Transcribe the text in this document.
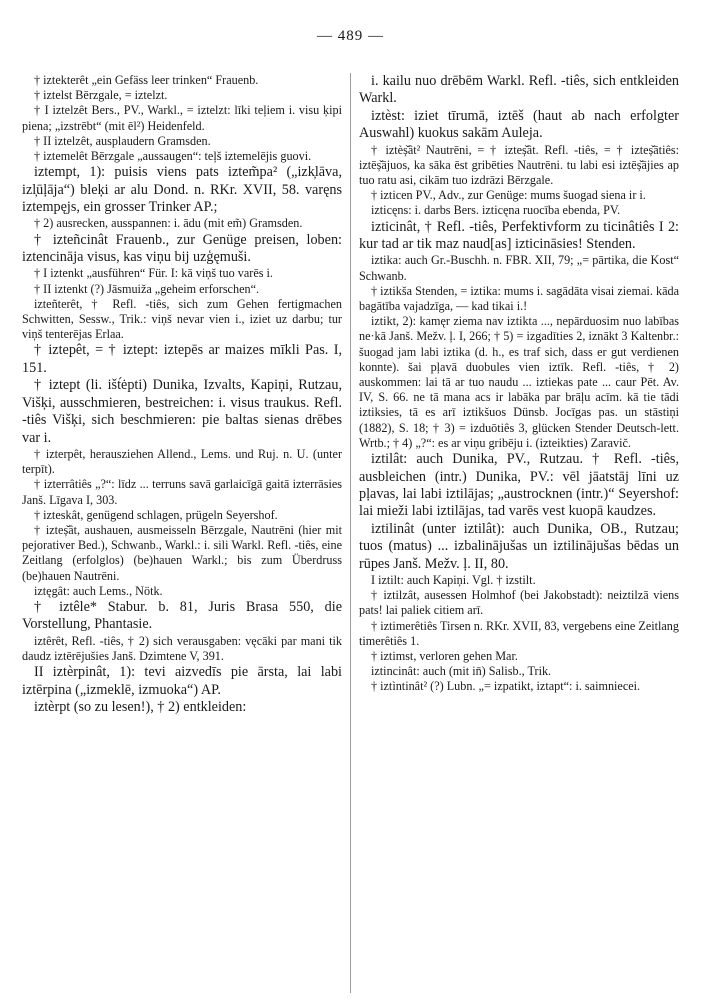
— 489 —

† iztekterêt „ein Gefäss leer trinken“ Frauenb.

† iztelst Bērzgale, = iztelzt.

† I iztelzêt Bers., PV., Warkl., = iztelzt: līki teļiem i. visu ķipi piena; „izstrēbt“ (mit ēl²) Heidenfeld.

† II iztelzêt, ausplaudern Gramsden.

† iztemelêt Bērzgale „aussaugen“: teļš iztemelējis guovi.

iztempt, 1): puisis viens pats iztem̃pa² („izk̦lāva, izl̦ūļāja“) bleķi ar alu Dond. n. RKr. XVII, 58. varęns iztempęjs, ein grosser Trinker AP.;

† 2) ausrecken, ausspannen: i. ādu (mit em̃) Gramsden.

† izteñcinât Frauenb., zur Genüge preisen, loben: iztencināja visus, kas viņu bij uzģęmuši.

† I iztenkt „ausführen“ Für. I: kā viņš tuo varēs i.

† II iztenkt (?) Jāsmuiža „geheim erforschen“.

izteñterêt, † Refl. -tiês, sich zum Gehen fertigmachen Schwitten, Sessw., Trik.: viņš nevar vien i., iziet uz darbu; tur viņš tenterējas Erlaa.

† iztepêt, = † iztept: iztepēs ar maizes mīkli Pas. I, 151.

† iztept (li. išt́ėpti) Dunika, Izvalts, Kapiņi, Rutzau, Višķi, ausschmieren, bestreichen: i. visus traukus. Refl. -tiês Višķi, sich beschmieren: pie baltas sienas drēbes var i.

† izterpêt, herausziehen Allend., Lems. und Ruj. n. U. (unter terpīt).

† izterrâtiês „?“: līdz ... terruns savā garlaicīgā gaitā izterrāsies Janš. Līgava I, 303.

† izteskât, genügend schlagen, prügeln Seyershof.

† izteș̌ât, aushauen, ausmeisseln Bērzgale, Nautrēni (hier mit pejorativer Bed.), Schwanb., Warkl.: i. sili Warkl. Refl. -tiês, eine Zeitlang (erfolglos) (be)hauen Warkl.; bis zum Überdruss (be)hauen Nautrēni.

iztęgât: auch Lems., Nötk.

† iztêle* Stabur. b. 81, Juris Brasa 550, die Vorstellung, Phantasie.

iztêrêt, Refl. -tiês, † 2) sich verausgaben: vęcāki par mani tik daudz iztērējušies Janš. Dzimtene V, 391.

II iztèrpinât, 1): tevi aizvedīs pie ārsta, lai labi iztērpina („izmeklē, izmuoka“) AP.

iztèrpt (so zu lesen!), † 2) entkleiden:

i. kailu nuo drēbēm Warkl. Refl. -tiês, sich entkleiden Warkl.

iztèst: iziet tīrumā, iztēš (haut ab nach erfolgter Auswahl) kuokus sakām Auleja.

† iztèș̌ât² Nautrēni, = † izteș̌ât. Refl. -tiês, = † izteș̌ātiês: iztēș̌ājuos, ka sāka ēst gribēties Nautrēni. tu labi esi iztēș̌ājies ap tuo ratu asi, cikām tuo izdrāzi Bērzgale.

† izticen PV., Adv., zur Genüge: mums šuogad siena ir i.

izticęns: i. darbs Bers. izticęna ruocība ebenda, PV.

izticinât, † Refl. -tiês, Perfektivform zu ticinâtiês I 2: kur tad ar tik maz naud[as] izticināsies! Stenden.

iztika: auch Gr.-Buschh. n. FBR. XII, 79; „= pārtika, die Kost“ Schwanb.

† iztikša Stenden, = iztika: mums i. sagādāta visai ziemai. kāda bagātība vajadzīga, — kad tikai i.!

iztikt, 2): kamęr ziema nav iztikta ..., nepārduosim nuo labības ne·kā Janš. Mežv. ļ. I, 266; † 5) = izgadīties 2, iznākt 3 Kaltenbr.: šuogad jam labi iztika (d. h., es traf sich, dass er gut verdienen konnte). šai pļavā duobules vien iztīk. Refl. -tiês, † 2) auskommen: lai tā ar tuo naudu ... iztiekas pate ... caur Pēt. Av. IV, S. 66. ne tā mana acs ir labāka par brāļu acīm. kā tie tādi iztiksies, tā es arī iztikšuos Dünsb. Jocīgas pas. un stāstiņi (1882), S. 18; † 3) = izduōtiês 3, glücken Stender Deutsch-lett. Wrtb.; † 4) „?“: es ar viņu gribēju i. (izteikties) Zaravič.

iztilât: auch Dunika, PV., Rutzau. † Refl. -tiês, ausbleichen (intr.) Dunika, PV.: vēl jāatstāj līni uz pļavas, lai labi iztilājas; „austrocknen (intr.)“ Seyershof: lai mieži labi iztilājas, tad varēs vest kuopā kaudzes.

iztilinât (unter iztilât): auch Dunika, OB., Rutzau; tuos (matus) ... izbalinājušas un iztilinājušas bēdas un rūpes Janš. Mežv. ļ. II, 80.

I iztilt: auch Kapiņi. Vgl. † izstilt.

† iztilzât, ausessen Holmhof (bei Jakobstadt): neiztilzā viens pats! lai paliek citiem arī.

† iztimerêtiês Tirsen n. RKr. XVII, 83, vergebens eine Zeitlang timerêtiês 1.

† iztimst, verloren gehen Mar.

iztincinât: auch (mit in̄) Salisb., Trik.

† iztìntinât² (?) Lubn. „= izpatikt, iztapt“: i. saimniecei.
